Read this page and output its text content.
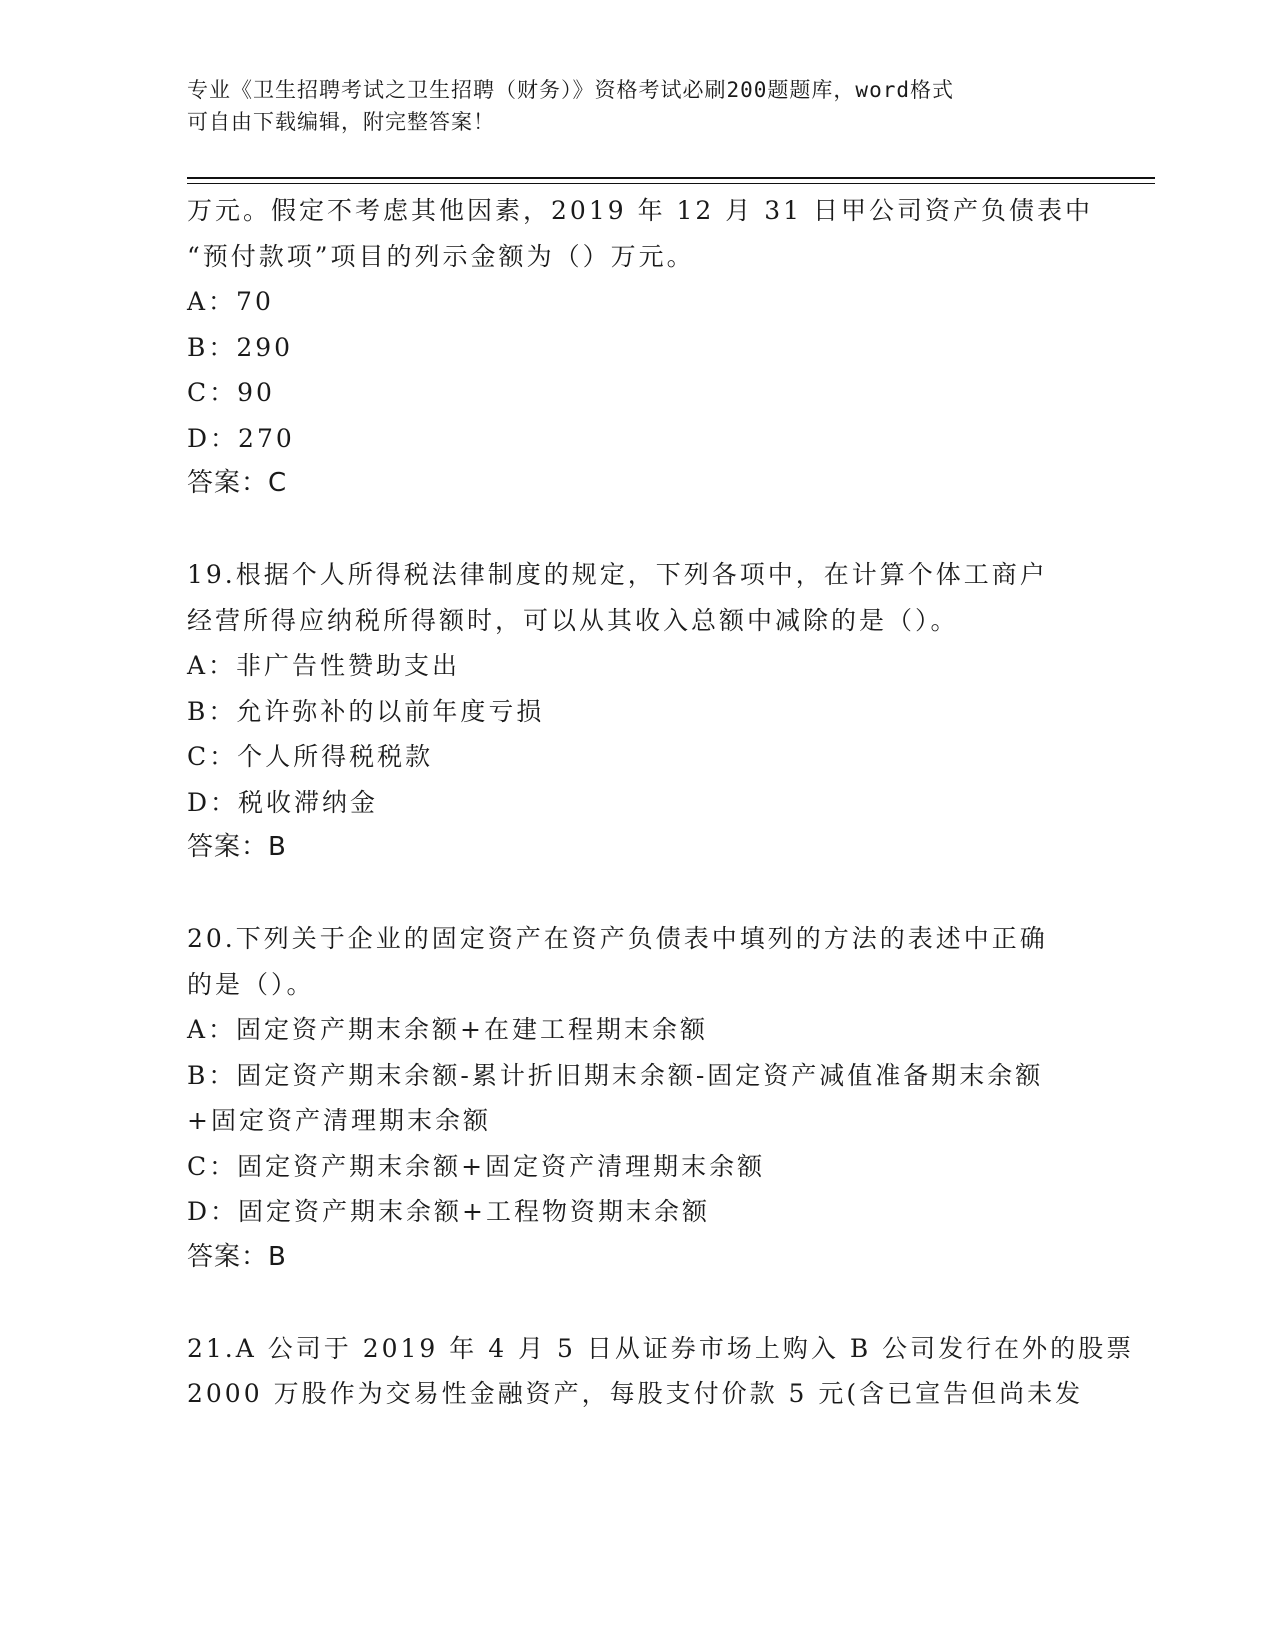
专业《卫生招聘考试之卫生招聘（财务）》资格考试必刷200题题库，word格式
可自由下载编辑，附完整答案！
万元。假定不考虑其他因素，2019 年 12 月 31 日甲公司资产负债表中
“预付款项”项目的列示金额为（）万元。
A：70
B：290
C：90
D：270
答案：C
19.根据个人所得税法律制度的规定，下列各项中，在计算个体工商户
经营所得应纳税所得额时，可以从其收入总额中减除的是（）。
A：非广告性赞助支出
B：允许弥补的以前年度亏损
C：个人所得税税款
D：税收滞纳金
答案：B
20.下列关于企业的固定资产在资产负债表中填列的方法的表述中正确
的是（）。
A：固定资产期末余额+在建工程期末余额
B：固定资产期末余额-累计折旧期末余额-固定资产减值准备期末余额
+固定资产清理期末余额
C：固定资产期末余额+固定资产清理期末余额
D：固定资产期末余额+工程物资期末余额
答案：B
21.A 公司于 2019 年 4 月 5 日从证券市场上购入 B 公司发行在外的股票
2000 万股作为交易性金融资产，每股支付价款 5 元(含已宣告但尚未发
